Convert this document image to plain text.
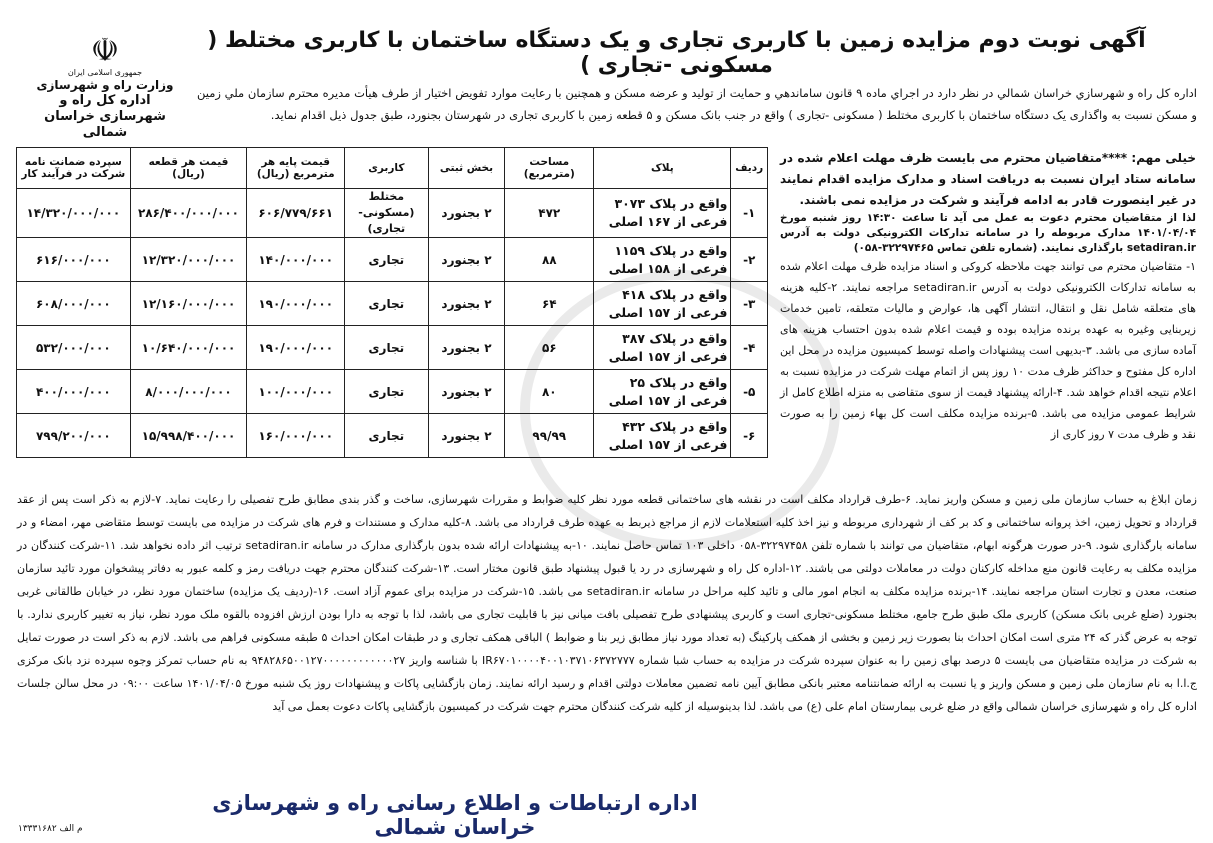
آگهی نوبت دوم مزایده زمین با کاربری تجاری و یک دستگاه ساختمان با کاربری مختلط ( مسکونی -تجاری )
☫
جمهوری اسلامی ایران
وزارت راه و شهرسازی
اداره کل راه و شهرسازی خراسان شمالی
اداره کل راه و شهرسازي خراسان شمالي در نظر دارد در اجراي ماده ۹ قانون ساماندهي و حمايت از توليد و عرضه مسكن و همچنين با رعايت موارد تفويض اختيار از طرف هيأت مديره محترم سازمان ملي زمين و مسكن نسبت به واگذاری یک دستگاه ساختمان با کاربری مختلط ( مسکونی -تجاری ) واقع در جنب بانک مسکن و ۵ قطعه زمین با کاربری تجاری در شهرستان بجنورد، طبق جدول ذیل اقدام نماید.
ردیف	پلاک	مساحت (مترمربع)	بخش ثبتی	کاربری	قیمت پایه هر مترمربع (ریال)	قیمت هر قطعه (ریال)	سپرده ضمانت نامه شرکت در فرآیند کار
۱-	واقع در پلاک ۳۰۷۳ فرعی از ۱۶۷ اصلی	۴۷۲	۲ بجنورد	مختلط (مسکونی-تجاری)	۶۰۶/۷۷۹/۶۶۱	۲۸۶/۴۰۰/۰۰۰/۰۰۰	۱۴/۳۲۰/۰۰۰/۰۰۰
۲-	واقع در پلاک ۱۱۵۹ فرعی از ۱۵۸ اصلی	۸۸	۲ بجنورد	تجاری	۱۴۰/۰۰۰/۰۰۰	۱۲/۳۲۰/۰۰۰/۰۰۰	۶۱۶/۰۰۰/۰۰۰
۳-	واقع در پلاک ۴۱۸ فرعی از ۱۵۷ اصلی	۶۴	۲ بجنورد	تجاری	۱۹۰/۰۰۰/۰۰۰	۱۲/۱۶۰/۰۰۰/۰۰۰	۶۰۸/۰۰۰/۰۰۰
۴-	واقع در پلاک ۳۸۷ فرعی از ۱۵۷ اصلی	۵۶	۲ بجنورد	تجاری	۱۹۰/۰۰۰/۰۰۰	۱۰/۶۴۰/۰۰۰/۰۰۰	۵۳۲/۰۰۰/۰۰۰
۵-	واقع در پلاک ۲۵ فرعی از ۱۵۷ اصلی	۸۰	۲ بجنورد	تجاری	۱۰۰/۰۰۰/۰۰۰	۸/۰۰۰/۰۰۰/۰۰۰	۴۰۰/۰۰۰/۰۰۰
۶-	واقع در پلاک ۴۳۲ فرعی از ۱۵۷ اصلی	۹۹/۹۹	۲ بجنورد	تجاری	۱۶۰/۰۰۰/۰۰۰	۱۵/۹۹۸/۴۰۰/۰۰۰	۷۹۹/۲۰۰/۰۰۰
خیلی مهم: ****متقاضیان محترم می بایست ظرف مهلت اعلام شده در سامانه ستاد ایران نسبت به دریافت اسناد و مدارک مزایده اقدام نمایند در غیر اینصورت قادر به ادامه فرآیند و شرکت در مزایده نمی باشند.
لذا از متقاضیان محترم دعوت به عمل می آید تا ساعت ۱۴:۳۰ روز شنبه مورخ ۱۴۰۱/۰۴/۰۴ مدارک مربوطه را در سامانه تدارکات الکترونیکی دولت به آدرس setadiran.ir بارگذاری نمایند. (شماره تلفن تماس ۳۲۲۹۷۴۶۵-۰۵۸)
۱- متقاضیان محترم می توانند جهت ملاحظه کروکی و اسناد مزایده ظرف مهلت اعلام شده به سامانه تدارکات الکترونیکی دولت به آدرس setadiran.ir مراجعه نمایند. ۲-کلیه هزینه های متعلقه شامل نقل و انتقال، انتشار آگهی ها، عوارض و مالیات متعلقه، تامین خدمات زیربنایی وغیره به عهده برنده مزایده بوده و قیمت اعلام شده بدون احتساب هزینه های آماده سازی می باشد. ۳-بدیهی است پیشنهادات واصله توسط کمیسیون مزایده در محل این اداره کل مفتوح و حداکثر ظرف مدت ۱۰ روز پس از اتمام مهلت شرکت در مزایده نسبت به اعلام نتیجه اقدام خواهد شد. ۴-ارائه پیشنهاد قیمت از سوی متقاضی به منزله اطلاع کامل از شرایط عمومی مزایده می باشد. ۵-برنده مزایده مکلف است کل بهاء زمین را به صورت نقد و ظرف مدت ۷ روز کاری از
زمان ابلاغ به حساب سازمان ملی زمین و مسکن واریز نماید. ۶-طرف قرارداد مکلف است در نقشه های ساختمانی قطعه مورد نظر کلیه ضوابط و مقررات شهرسازی، ساخت و گذر بندی مطابق طرح تفصیلی را رعایت نماید. ۷-لازم به ذکر است پس از عقد قرارداد و تحویل زمین، اخذ پروانه ساختمانی و کد بر کف از شهرداری مربوطه و نیز اخذ کلیه استعلامات لازم از مراجع ذیربط به عهده طرف قرارداد می باشد. ۸-کلیه مدارک و مستندات و فرم های شرکت در مزایده می بایست توسط متقاضی مهر، امضاء و در سامانه بارگذاری شود. ۹-در صورت هرگونه ابهام، متقاضیان می توانند با شماره تلفن ۳۲۲۹۷۴۵۸-۰۵۸ داخلی ۱۰۳ تماس حاصل نمایند. ۱۰-به پیشنهادات ارائه شده بدون بارگذاری مدارک در سامانه setadiran.ir ترتیب اثر داده نخواهد شد. ۱۱-شرکت کنندگان در مزایده مکلف به رعایت قانون منع مداخله کارکنان دولت در معاملات دولتی می باشند. ۱۲-اداره کل راه و شهرسازی در رد یا قبول پیشنهاد طبق قانون مختار است. ۱۳-شرکت کنندگان محترم جهت دریافت رمز و کلمه عبور به دفاتر پیشخوان مورد تائید سازمان صنعت، معدن و تجارت استان مراجعه نمایند. ۱۴-برنده مزایده مکلف به انجام امور مالی و تائید کلیه مراحل در سامانه setadiran.ir می باشد. ۱۵-شرکت در مزایده برای عموم آزاد است. ۱۶-(ردیف یک مزایده) ساختمان مورد نظر، در خیابان طالقانی غربی بجنورد (ضلع غربی بانک مسکن) کاربری ملک طبق طرح جامع، مختلط مسکونی-تجاری است و کاربری پیشنهادی طرح تفصیلی بافت میانی نیز با قابلیت تجاری می باشد، لذا با توجه به دارا بودن ارزش افزوده بالقوه ملک مورد نظر، نیاز به تغییر کاربری ندارد. با توجه به عرض گذر که ۲۴ متری است امکان احداث بنا بصورت زیر زمین و بخشی از همکف پارکینگ (به تعداد مورد نیاز مطابق زیر بنا و ضوابط ) الباقی همکف تجاری و در طبقات امکان احداث ۵ طبقه مسکونی فراهم می باشد. لازم به ذکر است در صورت تمایل به شرکت در مزایده متقاضیان می بایست ۵ درصد بهای زمین را به عنوان سپرده شرکت در مزایده به حساب شبا شماره IR۶۷۰۱۰۰۰۰۴۰۰۱۰۳۷۱۰۶۳۷۲۷۷۷ با شناسه واریز ۹۴۸۲۸۶۵۰۰۱۲۷۰۰۰۰۰۰۰۰۰۰۰۰۲۷ به نام حساب تمرکز وجوه سپرده نزد بانک مرکزی ج.ا.ا به نام سازمان ملی زمین و مسکن واریز و یا نسبت به ارائه ضمانتنامه معتبر بانکی مطابق آیین نامه تضمین معاملات دولتی اقدام و رسید ارائه نمایند. زمان بازگشایی پاکات و پیشنهادات روز یک شنبه مورخ ۱۴۰۱/۰۴/۰۵ ساعت ۰۹:۰۰ در محل سالن جلسات اداره کل راه و شهرسازی خراسان شمالی واقع در ضلع غربی بیمارستان امام علی (ع) می باشد. لذا بدینوسیله از کلیه شرکت کنندگان محترم جهت شرکت در کمیسیون بازگشایی پاکات دعوت بعمل می آید
اداره ارتباطات و اطلاع رسانی راه و شهرسازی خراسان شمالی
م الف ۱۳۳۳۱۶۸۲
